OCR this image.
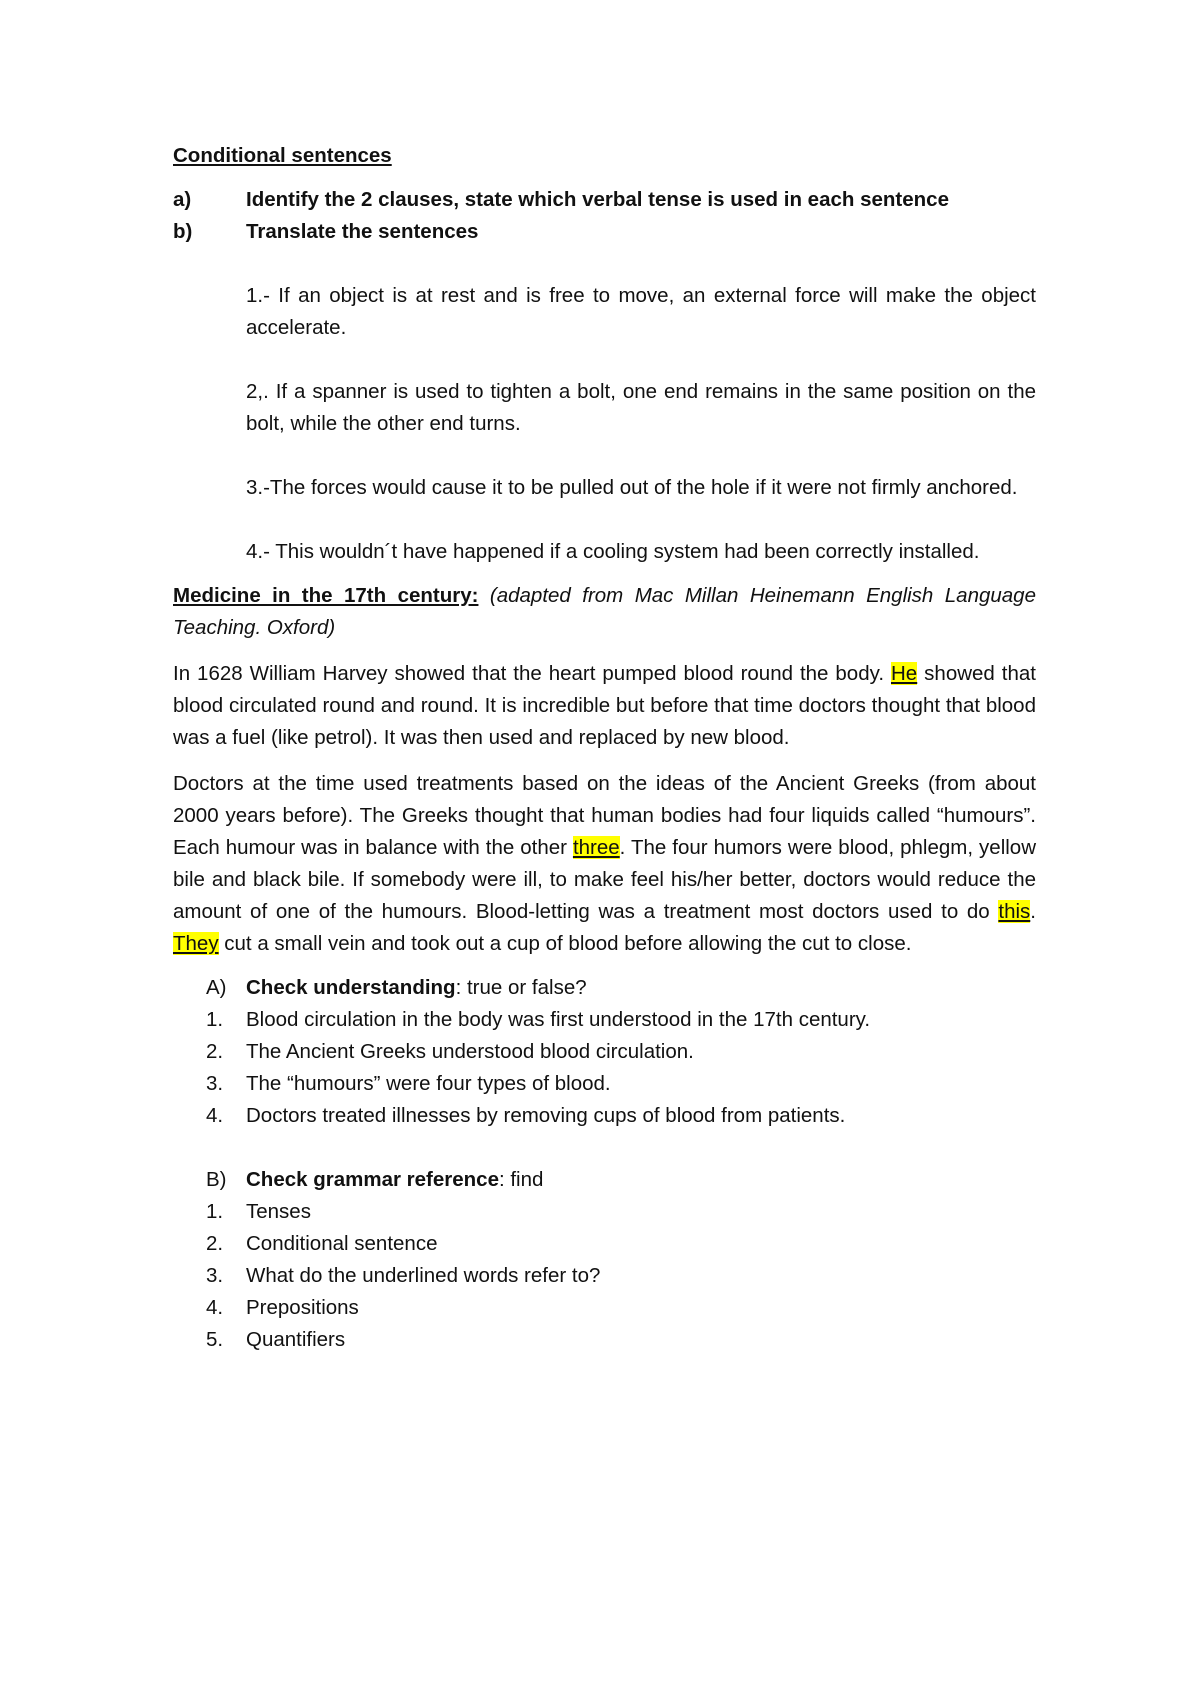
Conditional sentences

a)	Identify the 2 clauses, state which verbal tense is used in each sentence
b)	Translate the sentences

1.- If an object is at rest and is free to move, an external force will make the object accelerate.

2,. If a spanner is used to tighten a bolt, one end remains in the same position on the bolt, while the other end turns.

3.-The forces would cause it to be pulled out of the hole if it were not firmly anchored.

4.- This wouldn´t have happened if a cooling system had been correctly installed.

Medicine in the 17th century: (adapted from Mac Millan Heinemann English Language Teaching. Oxford)

In 1628 William Harvey showed that the heart pumped blood round the body. He showed that blood circulated round and round. It is incredible but before that time doctors thought that blood was a fuel (like petrol). It was then used and replaced by new blood.

Doctors at the time used treatments based on the ideas of the Ancient Greeks (from about 2000 years before). The Greeks thought that human bodies had four liquids called “humours”. Each humour was in balance with the other three. The four humors were blood, phlegm, yellow bile and black bile. If somebody were ill, to make feel his/her better, doctors would reduce the amount of one of the humours. Blood-letting was a treatment most doctors used to do this. They cut a small vein and took out a cup of blood before allowing the cut to close.

A) Check understanding: true or false?
1. Blood circulation in the body was first understood in the 17th century.
2. The Ancient Greeks understood blood circulation.
3. The “humours” were four types of blood.
4. Doctors treated illnesses by removing cups of blood from patients.
B) Check grammar reference: find
1. Tenses
2. Conditional sentence
3. What do the underlined words refer to?
4. Prepositions
5. Quantifiers
